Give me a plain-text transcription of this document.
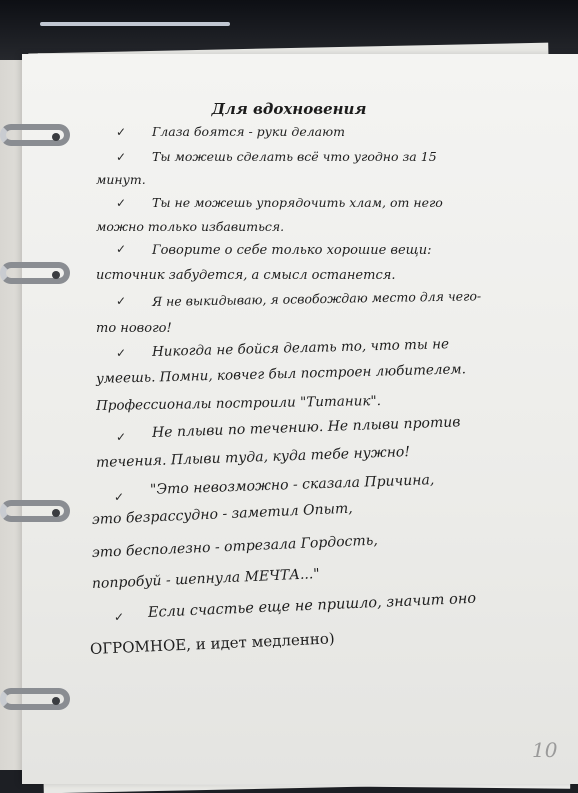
Для вдохновения
✓
✓
✓
✓
✓
✓
✓
✓
✓
Глаза боятся - руки делают
Ты можешь сделать всё что угодно за 15
минут.
Ты не можешь упорядочить хлам, от него
можно только избавиться.
Говорите о себе только хорошие вещи:
источник забудется, а смысл останется.
Я не выкидываю, я освобождаю место для чего-
то нового!
Никогда не бойся делать то, что ты не
умеешь. Помни, ковчег был построен любителем.
Профессионалы построили "Титаник".
Не плыви по течению. Не плыви против
течения. Плыви туда, куда тебе нужно!
"Это невозможно - сказала Причина,
это безрассудно - заметил Опыт,
это бесполезно - отрезала Гордость,
попробуй - шепнула МЕЧТА..."
Если счастье еще не пришло, значит оно
ОГРОМНОЕ, и идет медленно)
10
